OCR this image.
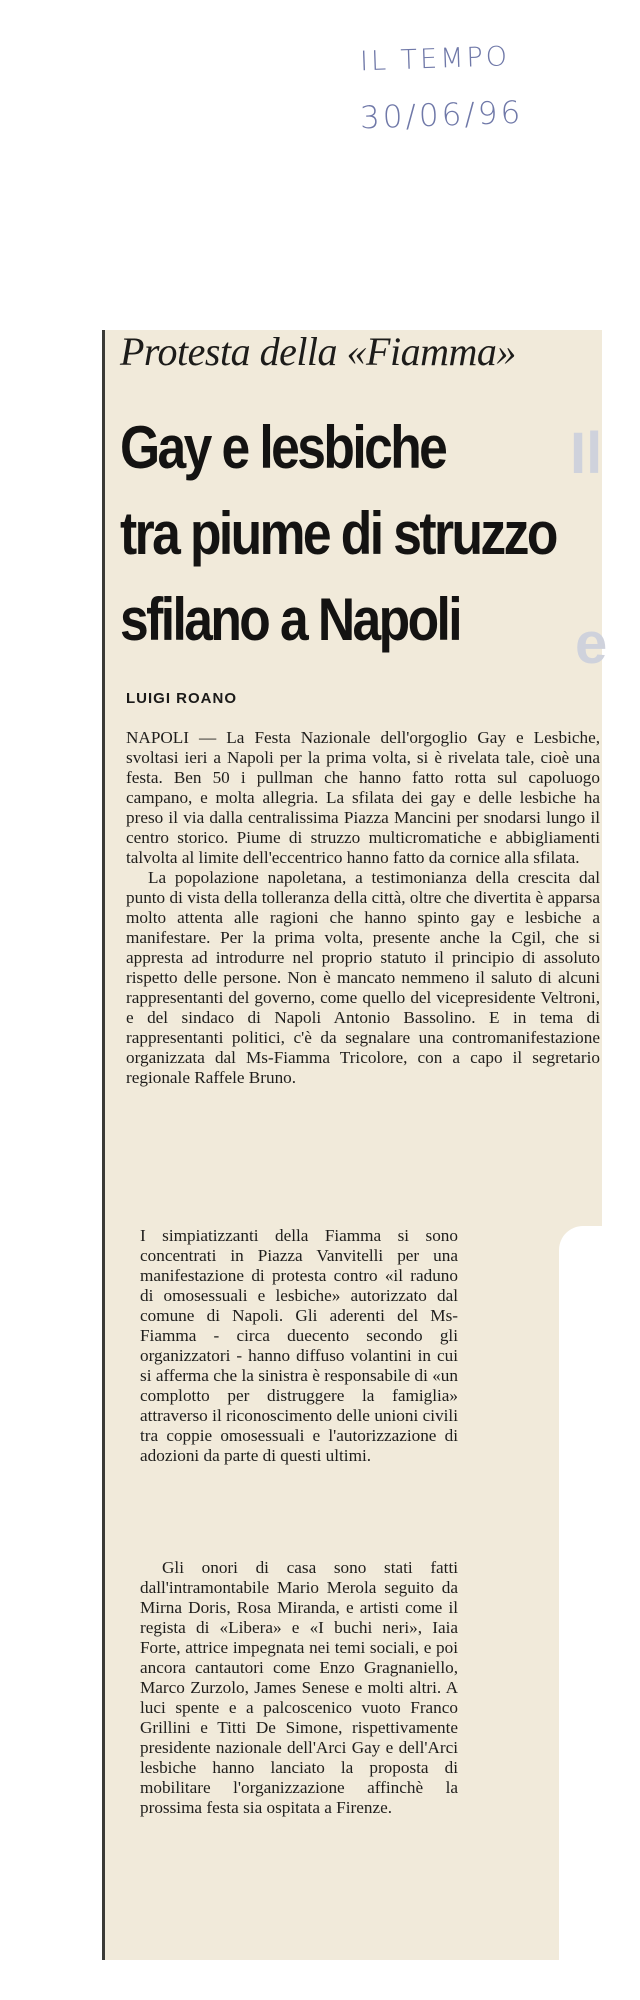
IL TEMPO
30/06/96
Il
e
Protesta della «Fiamma»
Gay e lesbiche
tra piume di struzzo
sfilano a Napoli
LUIGI ROANO

NAPOLI — La Festa Nazionale dell'orgoglio Gay e Lesbiche, svoltasi ieri a Napoli per la prima volta, si è rivelata tale, cioè una festa. Ben 50 i pullman che hanno fatto rotta sul capoluogo campano, e molta allegria. La sfilata dei gay e delle lesbiche ha preso il via dalla centralissima Piazza Mancini per snodarsi lungo il centro storico. Piume di struzzo multicromatiche e abbigliamenti talvolta al limite dell'eccentrico hanno fatto da cornice alla sfilata.

La popolazione napoletana, a testimonianza della crescita dal punto di vista della tolleranza della città, oltre che divertita è apparsa molto attenta alle ragioni che hanno spinto gay e lesbiche a manifestare. Per la prima volta, presente anche la Cgil, che si appresta ad introdurre nel proprio statuto il principio di assoluto rispetto delle persone. Non è mancato nemmeno il saluto di alcuni rappresentanti del governo, come quello del vicepresidente Veltroni, e del sindaco di Napoli Antonio Bassolino. E in tema di rappresentanti politici, c'è da segnalare una contromanifestazione organizzata dal Ms-Fiamma Tricolore, con a capo il segretario regionale Raffele Bruno.

I simpiatizzanti della Fiamma si sono concentrati in Piazza Vanvitelli per una manifestazione di protesta contro «il raduno di omosessuali e lesbiche» autorizzato dal comune di Napoli. Gli aderenti del Ms-Fiamma - circa duecento secondo gli organizzatori - hanno diffuso volantini in cui si afferma che la sinistra è responsabile di «un complotto per distruggere la famiglia» attraverso il riconoscimento delle unioni civili tra coppie omosessuali e l'autorizzazione di adozioni da parte di questi ultimi.

Gli onori di casa sono stati fatti dall'intramontabile Mario Merola seguito da Mirna Doris, Rosa Miranda, e artisti come il regista di «Libera» e «I buchi neri», Iaia Forte, attrice impegnata nei temi sociali, e poi ancora cantautori come Enzo Gragnaniello, Marco Zurzolo, James Senese e molti altri. A luci spente e a palcoscenico vuoto Franco Grillini e Titti De Simone, rispettivamente presidente nazionale dell'Arci Gay e dell'Arci lesbiche hanno lanciato la proposta di mobilitare l'organizzazione affinchè la prossima festa sia ospitata a Firenze.
